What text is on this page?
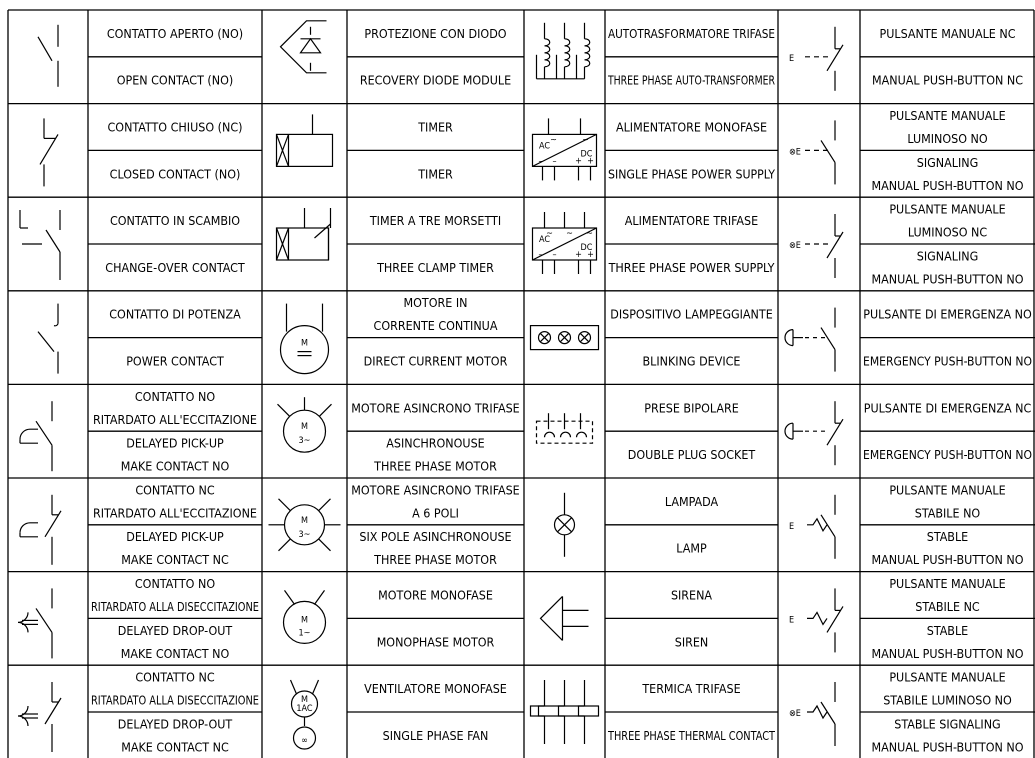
M
M
3~
M
3~
M
1~
M
1AC
∞
AC
DC
~	~
– – + +
AC
DC
~ ~ ~
– – + +
E
⊗E
⊗E
E
E
⊗E
CONTATTO APERTO (NO)
OPEN CONTACT (NO)
CONTATTO CHIUSO (NC)
CLOSED CONTACT (NO)
CONTATTO IN SCAMBIO
CHANGE-OVER CONTACT
CONTATTO DI POTENZA
POWER CONTACT
CONTATTO NO
RITARDATO ALL'ECCITAZIONE
DELAYED PICK-UP
MAKE CONTACT NO
CONTATTO NC
RITARDATO ALL'ECCITAZIONE
DELAYED PICK-UP
MAKE CONTACT NC
CONTATTO NO
RITARDATO ALLA DISECCITAZIONE
DELAYED DROP-OUT
MAKE CONTACT NO
CONTATTO NC
RITARDATO ALLA DISECCITAZIONE
DELAYED DROP-OUT
MAKE CONTACT NC
PROTEZIONE CON DIODO
RECOVERY DIODE MODULE
TIMER
TIMER
TIMER A TRE MORSETTI
THREE CLAMP TIMER
MOTORE IN
CORRENTE CONTINUA
DIRECT CURRENT MOTOR
MOTORE ASINCRONO TRIFASE
ASINCHRONOUSE
THREE PHASE MOTOR
MOTORE ASINCRONO TRIFASE
A 6 POLI
SIX POLE ASINCHRONOUSE
THREE PHASE MOTOR
MOTORE MONOFASE
MONOPHASE MOTOR
VENTILATORE MONOFASE
SINGLE PHASE FAN
AUTOTRASFORMATORE TRIFASE
THREE PHASE AUTO-TRANSFORMER
ALIMENTATORE MONOFASE
SINGLE PHASE POWER SUPPLY
ALIMENTATORE TRIFASE
THREE PHASE POWER SUPPLY
DISPOSITIVO LAMPEGGIANTE
BLINKING DEVICE
PRESE BIPOLARE
DOUBLE PLUG SOCKET
LAMPADA
LAMP
SIRENA
SIREN
TERMICA TRIFASE
THREE PHASE THERMAL CONTACT
PULSANTE MANUALE NC
MANUAL PUSH-BUTTON NC
PULSANTE MANUALE
LUMINOSO NO
SIGNALING
MANUAL PUSH-BUTTON NO
PULSANTE MANUALE
LUMINOSO NC
SIGNALING
MANUAL PUSH-BUTTON NO
PULSANTE DI EMERGENZA NO
EMERGENCY PUSH-BUTTON NO
PULSANTE DI EMERGENZA NC
EMERGENCY PUSH-BUTTON NO
PULSANTE MANUALE
STABILE NO
STABLE
MANUAL PUSH-BUTTON NO
PULSANTE MANUALE
STABILE NC
STABLE
MANUAL PUSH-BUTTON NO
PULSANTE MANUALE
STABILE LUMINOSO NO
STABLE SIGNALING
MANUAL PUSH-BUTTON NO
